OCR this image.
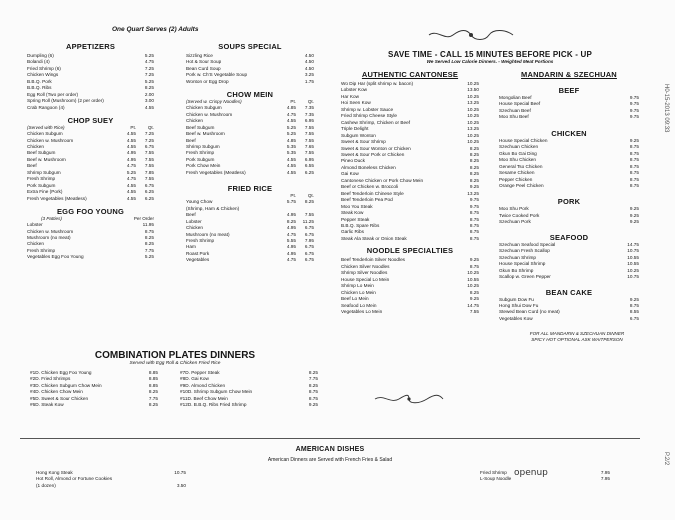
One Quart Serves (2) Adults
APPETIZERS
Dumpling (6)	5.25
Bolandi (4)	4.75
Fried Shrimp (6)	7.25
Chicken Wings	7.25
B.B.Q. Pork	5.25
B.B.Q. Ribs	8.25
Egg Roll (Two per order)	2.00
Spring Roll (Mushroom) (2 per order)	3.00
Crab Rangoon (4)	4.55
CHOP SUEY
(Served with Rice)	Pt.	Qt.
Chicken Subgum	4.55	7.25
Chicken w. Mushroom	4.55	7.25
Chicken	4.55	6.75
Beef Subgum	4.95	7.55
Beef w. Mushroom	4.95	7.55
Beef	4.75	7.55
Shrimp Subgum	5.25	7.85
Fresh Shrimp	4.75	7.55
Pork Subgum	4.55	6.75
Extra Fine (Pork)	4.55	6.25
Fresh Vegetables (Meatless)	4.55	6.25
EGG FOO YOUNG
(3 Patties)	Per Order
Lobster	11.95
Chicken w. Mushroom	8.75
Mushroom (no meat)	8.25
Chicken	8.25
Fresh Shrimp	7.75
Vegetables Egg Foo Young	5.25
SOUPS SPECIAL
Sizzling Rice	4.50
Hot & Sour Soup	4.50
Bean Curd Soup	4.50
Pork w. Ch'S Vegetable Soup	3.25
Wonton or Egg Drop	1.75
CHOW MEIN
(Served w. Crispy Noodles)	Pt.	Qt.
Chicken Subgum	4.85	7.35
Chicken w. Mushroom	4.75	7.35
Chicken	4.55	6.95
Beef Subgum	5.25	7.55
Beef w. Mushroom	5.25	7.55
Beef	4.85	7.55
Shrimp Subgum	5.35	7.65
Fresh Shrimp	5.35	7.55
Pork Subgum	4.55	6.95
Pork Chow Mein	4.55	6.55
Fresh Vegetables (Meatless)	4.55	6.25
FRIED RICE
Pt.	Qt.
Young Chow	5.75	8.25
(Shrimp, Ham & Chicken)
Beef	4.95	7.55
Lobster	8.25	11.25
Chicken	4.95	6.75
Mushroom (no meat)	4.75	6.75
Fresh Shrimp	5.55	7.95
Ham	4.95	6.75
Roast Pork	4.95	6.75
Vegetables	4.75	6.75
COMBINATION PLATES DINNERS
Served with Egg Roll & Chicken Fried Rice
#1D. Chicken Egg Foo Young	8.85
#2D. Fried Shrimps	8.85
#3D. Chicken Subgum Chow Mein	8.85
#4D. Chicken Chow Mein	8.25
#5D. Sweet & Sour Chicken	7.75
#6D. Steak Kow	8.25
#7D. Pepper Steak	8.25
#8D. Gai Kow	7.75
#9D. Almond Chicken	8.25
#10D. Shrimp Subgum Chow Mein	8.75
#11D. Beef Chow Mein	8.75
#12D. B.B.Q. Ribs Fried Shrimp	9.25
SAVE TIME - CALL 15 MINUTES BEFORE PICK - UP
We Served Low Calorie Dinners. - Weighted Meat Portions
AUTHENTIC CANTONESE
Wo Dip Har (split shrimp w. bacon)	10.25
Lobster Kow	13.50
Har Kow	10.25
Hoi Seen Kow	13.25
Shrimp w. Lobster Sauce	10.25
Fried Shrimp Cheese Style	10.25
Cashew Shrimp, Chicken or Beef	10.25
Triple Delight	13.25
Subgum Wonton	10.25
Sweet & Sour Shrimp	10.25
Sweet & Sour Wonton or Chicken	8.25
Sweet & Sour Pork or Chicken	8.25
Pineo Duck	8.25
Almond Boneless Chicken	8.25
Gai Kow	8.25
Cantonese Chicken or Pork Chow Mein	8.25
Beef or Chicken w. Broccoli	9.25
Beef Tenderloin Chinese Style	13.25
Beef Tenderloin Pea Pod	9.75
Moo You Steak	9.75
Steak Kow	8.75
Pepper Steak	8.75
B.B.Q. Spare Ribs	8.75
Garlic Ribs	8.75
Steak Ala Steak or Onion Steak	8.75
NOODLE SPECIALTIES
Beef Tenderloin Silver Noodles	9.25
Chicken Silver Noodles	8.75
Shrimp Silver Noodles	10.25
House Special Lo Mein	10.55
Shrimp Lo Mein	10.25
Chicken Lo Mein	8.25
Beef Lo Mein	9.25
Seafood Lo Mein	14.75
Vegetables Lo Mein	7.55
MANDARIN & SZECHUAN
BEEF
Mongolian Beef	9.75
House Special Beef	9.75
Szechuan Beef	9.75
Moo Shu Beef	9.75
CHICKEN
House Special Chicken	9.25
Szechuan Chicken	8.75
Gkun Bo Gai Ding	8.75
Moo Shu Chicken	8.75
General Tso Chicken	8.75
Sesame Chicken	8.75
Pepper Chicken	8.75
Orange Peel Chicken	8.75
PORK
Moo Shu Pork	9.25
Twice Cooked Pork	9.25
Szechuan Pork	9.25
SEAFOOD
Szechuan Seafood Special	14.75
Szechuan Fresh Scallop	10.75
Szechuan Shrimp	10.55
House Special Shrimp	10.55
Gkun Bo Shrimp	10.25
Scallop w. Green Pepper	10.75
BEAN CAKE
Subgum Dow Fu	9.25
Hong Shui Dow Fu	8.75
Stewed Bean Curd (no meat)	8.55
Vegetables Kow	6.75
FOR ALL MANDARIN & SZECHUAN DINNER SPICY HOT OPTIONAL ASK WAITPERSON
AMERICAN DISHES
American Dinners are Served with French Fries & Salad
Hong Kong Steak	10.75
Hot Roll, Almond or Fortune Cookies
(1 dozen)	3.50
Fried Shrimp	7.95
L-Soup Noodle	7.95
openup
H0-15-2013 09:33
P.2/2
